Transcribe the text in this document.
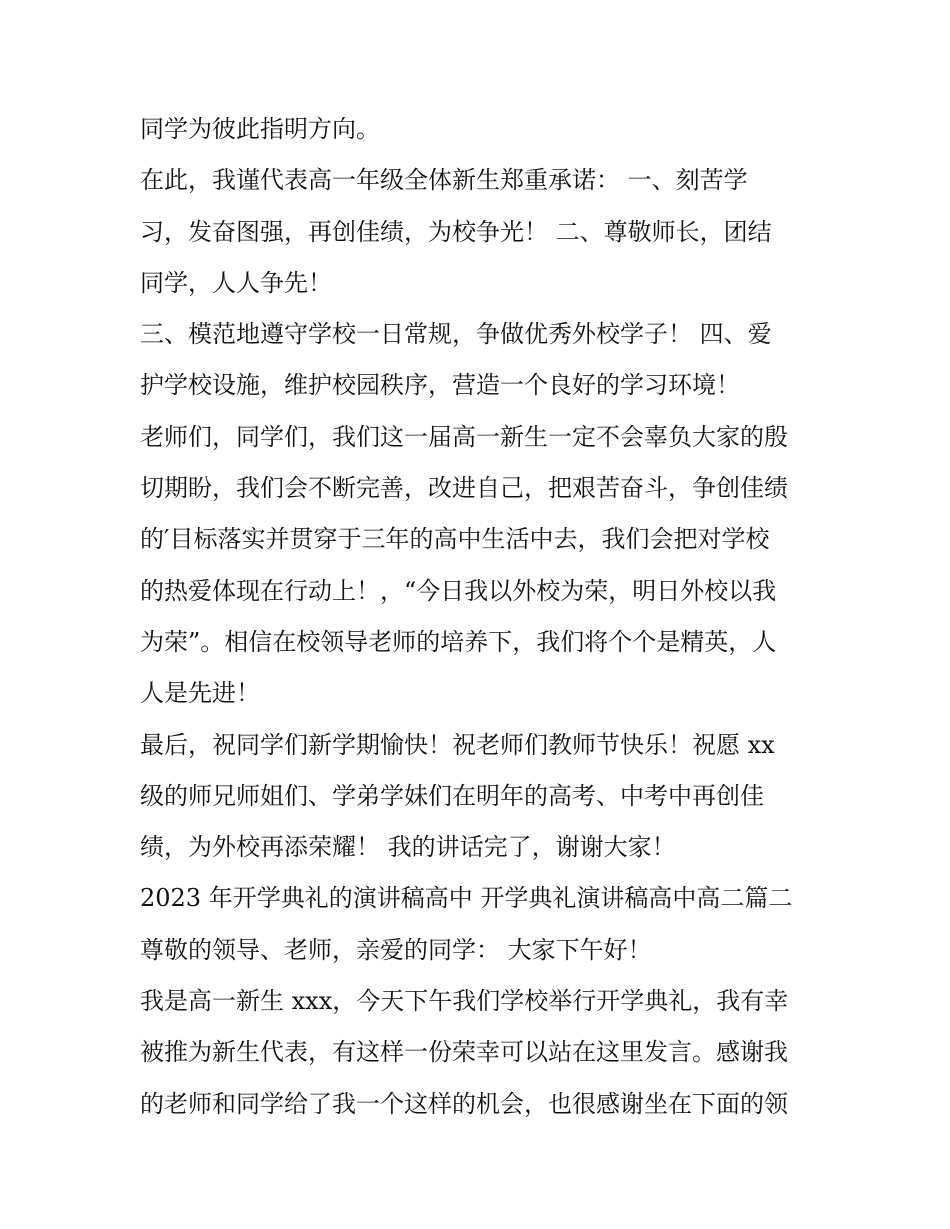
同学为彼此指明方向。
在此，我谨代表高一年级全体新生郑重承诺： 一、刻苦学
习，发奋图强，再创佳绩，为校争光！ 二、尊敬师长，团结
同学，人人争先！
三、模范地遵守学校一日常规，争做优秀外校学子！ 四、爱
护学校设施，维护校园秩序，营造一个良好的学习环境！
老师们，同学们，我们这一届高一新生一定不会辜负大家的殷
切期盼，我们会不断完善，改进自己，把艰苦奋斗，争创佳绩
的′目标落实并贯穿于三年的高中生活中去，我们会把对学校
的热爱体现在行动上！，“今日我以外校为荣，明日外校以我
为荣”。相信在校领导老师的培养下，我们将个个是精英，人
人是先进！
最后，祝同学们新学期愉快！祝老师们教师节快乐！祝愿 xx
级的师兄师姐们、学弟学妹们在明年的高考、中考中再创佳
绩，为外校再添荣耀！ 我的讲话完了，谢谢大家！
2023 年开学典礼的演讲稿高中 开学典礼演讲稿高中高二篇二
尊敬的领导、老师，亲爱的同学： 大家下午好！
我是高一新生 xxx，今天下午我们学校举行开学典礼，我有幸
被推为新生代表，有这样一份荣幸可以站在这里发言。感谢我
的老师和同学给了我一个这样的机会，也很感谢坐在下面的领
